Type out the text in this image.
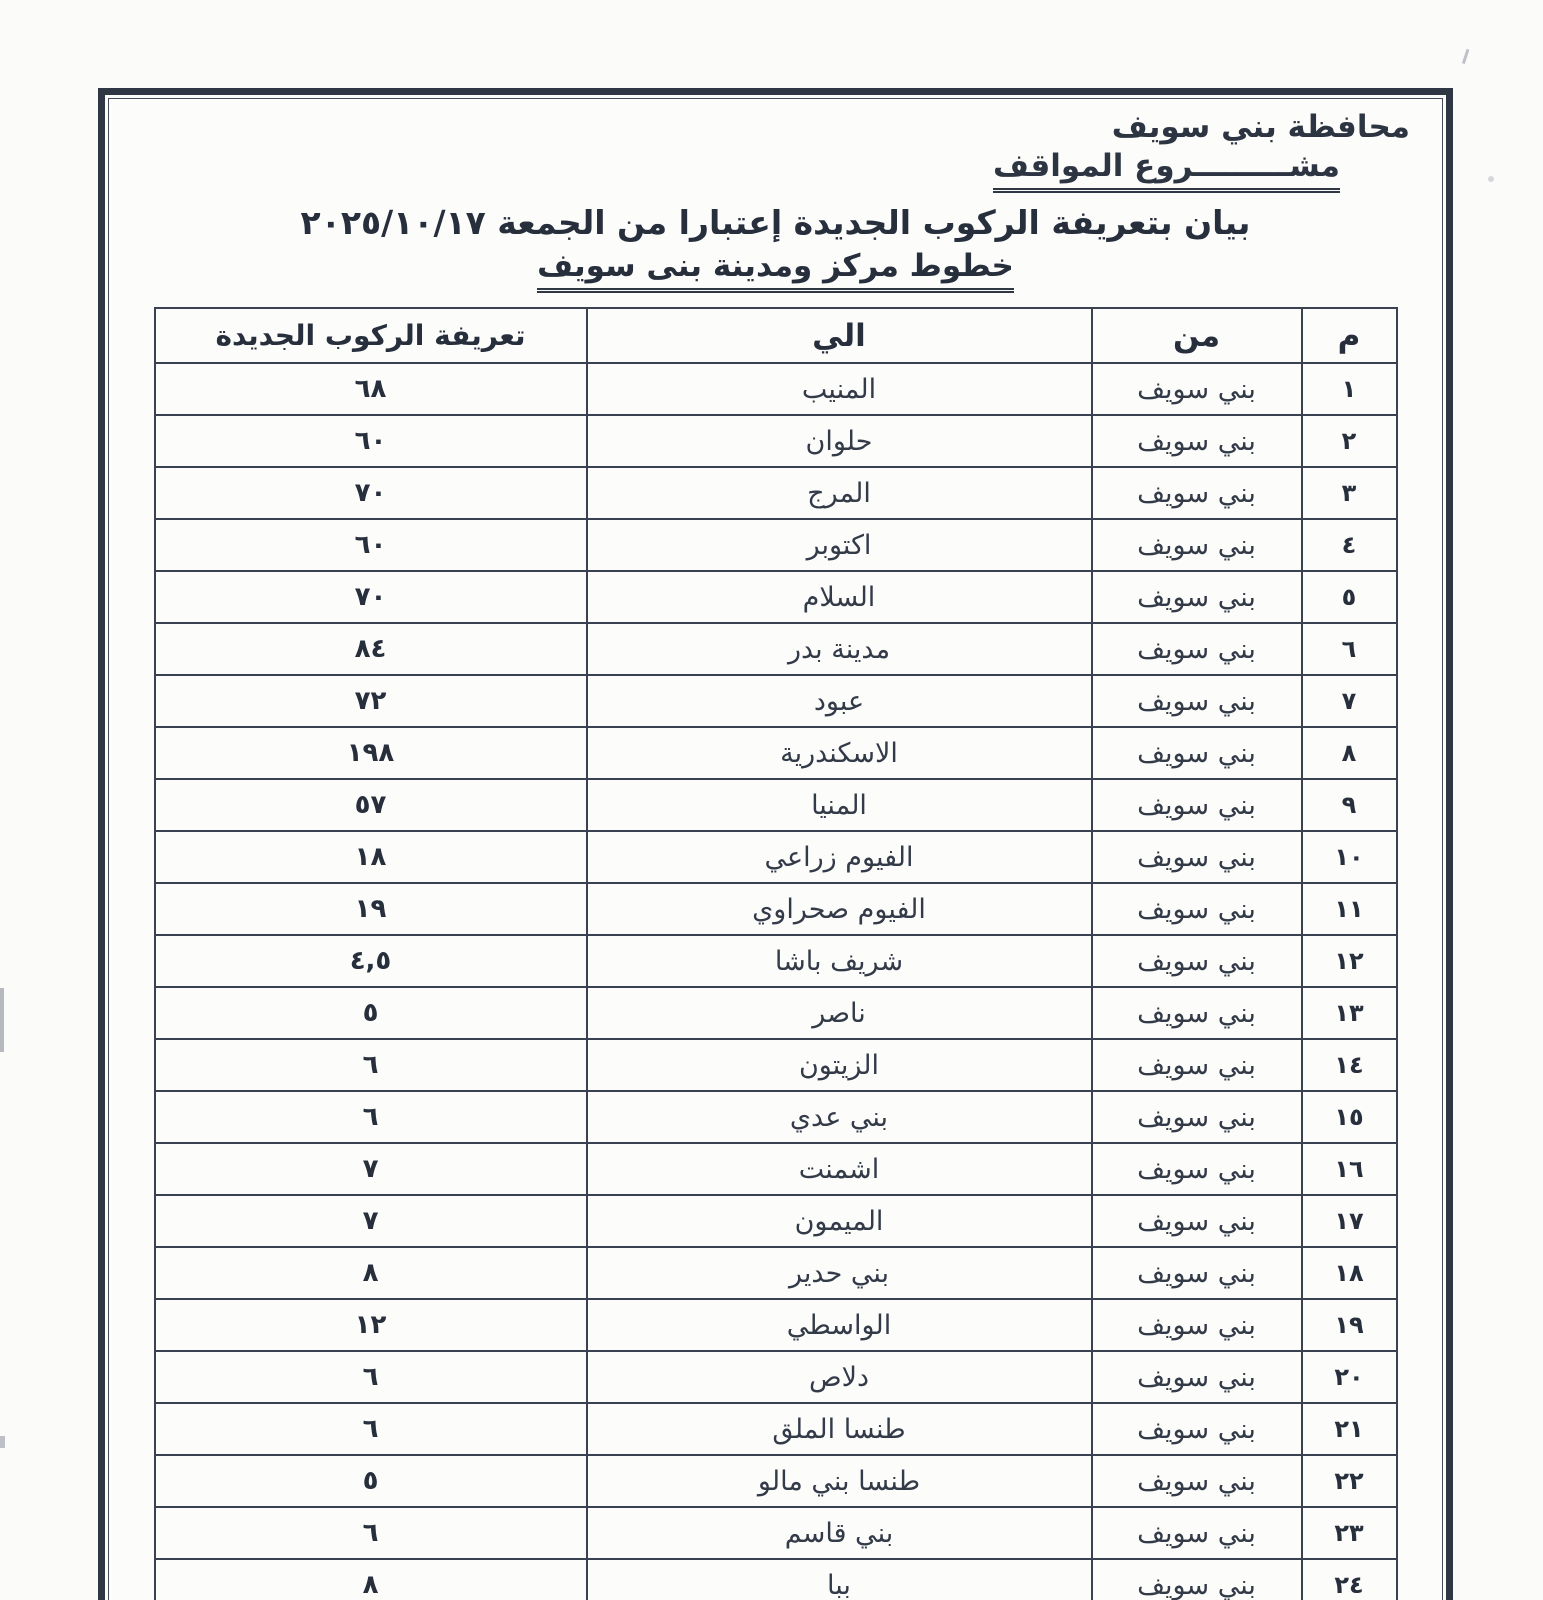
محافظة بني سويف
مشـــــــــروع المواقف
بيان بتعريفة الركوب الجديدة إعتبارا من الجمعة ٢٠٢٥/١٠/١٧
خطوط مركز ومدينة بنى سويف
م	من	الي	تعريفة الركوب الجديدة
١	بني سويف	المنيب	٦٨
٢	بني سويف	حلوان	٦٠
٣	بني سويف	المرج	٧٠
٤	بني سويف	اكتوبر	٦٠
٥	بني سويف	السلام	٧٠
٦	بني سويف	مدينة بدر	٨٤
٧	بني سويف	عبود	٧٢
٨	بني سويف	الاسكندرية	١٩٨
٩	بني سويف	المنيا	٥٧
١٠	بني سويف	الفيوم زراعي	١٨
١١	بني سويف	الفيوم صحراوي	١٩
١٢	بني سويف	شريف باشا	٤,٥
١٣	بني سويف	ناصر	٥
١٤	بني سويف	الزيتون	٦
١٥	بني سويف	بني عدي	٦
١٦	بني سويف	اشمنت	٧
١٧	بني سويف	الميمون	٧
١٨	بني سويف	بني حدير	٨
١٩	بني سويف	الواسطي	١٢
٢٠	بني سويف	دلاص	٦
٢١	بني سويف	طنسا الملق	٦
٢٢	بني سويف	طنسا بني مالو	٥
٢٣	بني سويف	بني قاسم	٦
٢٤	بني سويف	ببا	٨
